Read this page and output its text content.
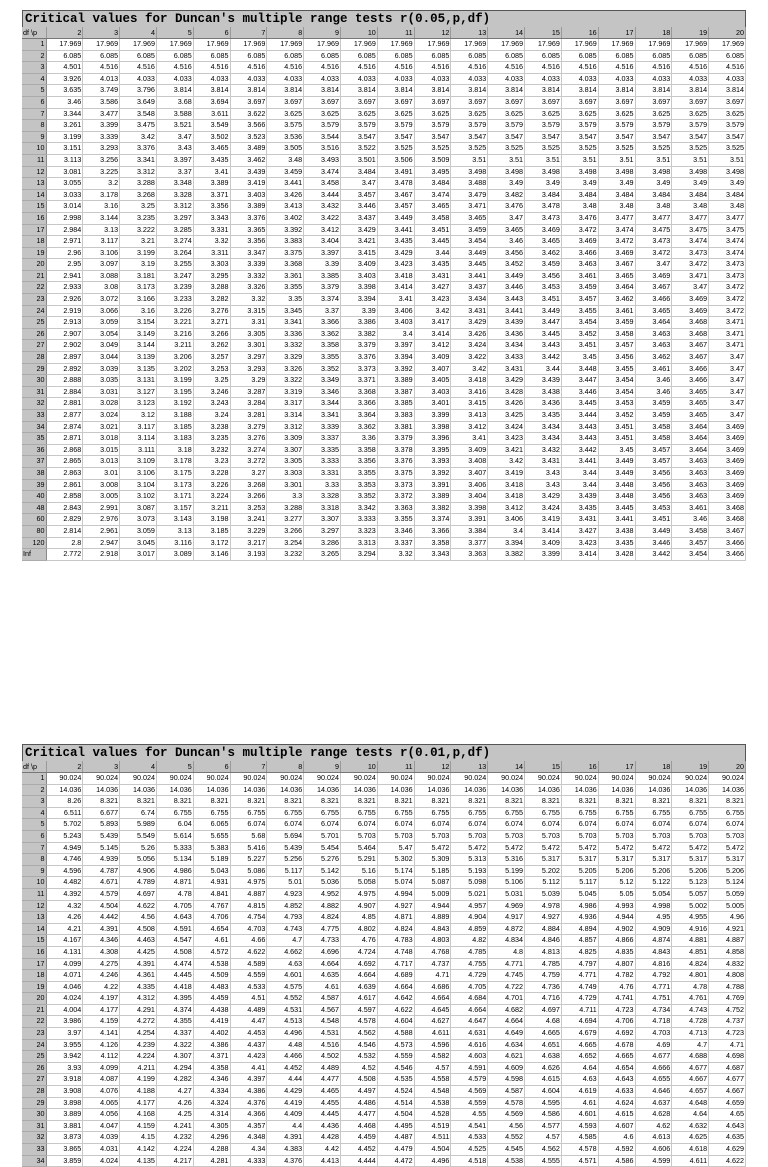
Critical values for Duncan's multiple range tests r(0.05,p,df)
df \p	2	3	4	5	6	7	8	9	10	11	12	13	14	15	16	17	18	19	20
1	17.969	17.969	17.969	17.969	17.969	17.969	17.969	17.969	17.969	17.969	17.969	17.969	17.969	17.969	17.969	17.969	17.969	17.969	17.969
2	6.085	6.085	6.085	6.085	6.085	6.085	6.085	6.085	6.085	6.085	6.085	6.085	6.085	6.085	6.085	6.085	6.085	6.085	6.085
3	4.501	4.516	4.516	4.516	4.516	4.516	4.516	4.516	4.516	4.516	4.516	4.516	4.516	4.516	4.516	4.516	4.516	4.516	4.516
4	3.926	4.013	4.033	4.033	4.033	4.033	4.033	4.033	4.033	4.033	4.033	4.033	4.033	4.033	4.033	4.033	4.033	4.033	4.033
5	3.635	3.749	3.796	3.814	3.814	3.814	3.814	3.814	3.814	3.814	3.814	3.814	3.814	3.814	3.814	3.814	3.814	3.814	3.814
6	3.46	3.586	3.649	3.68	3.694	3.697	3.697	3.697	3.697	3.697	3.697	3.697	3.697	3.697	3.697	3.697	3.697	3.697	3.697
7	3.344	3.477	3.548	3.588	3.611	3.622	3.625	3.625	3.625	3.625	3.625	3.625	3.625	3.625	3.625	3.625	3.625	3.625	3.625
8	3.261	3.399	3.475	3.521	3.549	3.566	3.575	3.579	3.579	3.579	3.579	3.579	3.579	3.579	3.579	3.579	3.579	3.579	3.579
9	3.199	3.339	3.42	3.47	3.502	3.523	3.536	3.544	3.547	3.547	3.547	3.547	3.547	3.547	3.547	3.547	3.547	3.547	3.547
10	3.151	3.293	3.376	3.43	3.465	3.489	3.505	3.516	3.522	3.525	3.525	3.525	3.525	3.525	3.525	3.525	3.525	3.525	3.525
11	3.113	3.256	3.341	3.397	3.435	3.462	3.48	3.493	3.501	3.506	3.509	3.51	3.51	3.51	3.51	3.51	3.51	3.51	3.51
12	3.081	3.225	3.312	3.37	3.41	3.439	3.459	3.474	3.484	3.491	3.495	3.498	3.498	3.498	3.498	3.498	3.498	3.498	3.498
13	3.055	3.2	3.288	3.348	3.389	3.419	3.441	3.458	3.47	3.478	3.484	3.488	3.49	3.49	3.49	3.49	3.49	3.49	3.49
14	3.033	3.178	3.268	3.328	3.371	3.403	3.426	3.444	3.457	3.467	3.474	3.479	3.482	3.484	3.484	3.484	3.484	3.484	3.484
15	3.014	3.16	3.25	3.312	3.356	3.389	3.413	3.432	3.446	3.457	3.465	3.471	3.476	3.478	3.48	3.48	3.48	3.48	3.48
16	2.998	3.144	3.235	3.297	3.343	3.376	3.402	3.422	3.437	3.449	3.458	3.465	3.47	3.473	3.476	3.477	3.477	3.477	3.477
17	2.984	3.13	3.222	3.285	3.331	3.365	3.392	3.412	3.429	3.441	3.451	3.459	3.465	3.469	3.472	3.474	3.475	3.475	3.475
18	2.971	3.117	3.21	3.274	3.32	3.356	3.383	3.404	3.421	3.435	3.445	3.454	3.46	3.465	3.469	3.472	3.473	3.474	3.474
19	2.96	3.106	3.199	3.264	3.311	3.347	3.375	3.397	3.415	3.429	3.44	3.449	3.456	3.462	3.466	3.469	3.472	3.473	3.474
20	2.95	3.097	3.19	3.255	3.303	3.339	3.368	3.39	3.409	3.423	3.435	3.445	3.452	3.459	3.463	3.467	3.47	3.472	3.473
21	2.941	3.088	3.181	3.247	3.295	3.332	3.361	3.385	3.403	3.418	3.431	3.441	3.449	3.456	3.461	3.465	3.469	3.471	3.473
22	2.933	3.08	3.173	3.239	3.288	3.326	3.355	3.379	3.398	3.414	3.427	3.437	3.446	3.453	3.459	3.464	3.467	3.47	3.472
23	2.926	3.072	3.166	3.233	3.282	3.32	3.35	3.374	3.394	3.41	3.423	3.434	3.443	3.451	3.457	3.462	3.466	3.469	3.472
24	2.919	3.066	3.16	3.226	3.276	3.315	3.345	3.37	3.39	3.406	3.42	3.431	3.441	3.449	3.455	3.461	3.465	3.469	3.472
25	2.913	3.059	3.154	3.221	3.271	3.31	3.341	3.366	3.386	3.403	3.417	3.429	3.439	3.447	3.454	3.459	3.464	3.468	3.471
26	2.907	3.054	3.149	3.216	3.266	3.305	3.336	3.362	3.382	3.4	3.414	3.426	3.436	3.445	3.452	3.458	3.463	3.468	3.471
27	2.902	3.049	3.144	3.211	3.262	3.301	3.332	3.358	3.379	3.397	3.412	3.424	3.434	3.443	3.451	3.457	3.463	3.467	3.471
28	2.897	3.044	3.139	3.206	3.257	3.297	3.329	3.355	3.376	3.394	3.409	3.422	3.433	3.442	3.45	3.456	3.462	3.467	3.47
29	2.892	3.039	3.135	3.202	3.253	3.293	3.326	3.352	3.373	3.392	3.407	3.42	3.431	3.44	3.448	3.455	3.461	3.466	3.47
30	2.888	3.035	3.131	3.199	3.25	3.29	3.322	3.349	3.371	3.389	3.405	3.418	3.429	3.439	3.447	3.454	3.46	3.466	3.47
31	2.884	3.031	3.127	3.195	3.246	3.287	3.319	3.346	3.368	3.387	3.403	3.416	3.428	3.438	3.446	3.454	3.46	3.465	3.47
32	2.881	3.028	3.123	3.192	3.243	3.284	3.317	3.344	3.366	3.385	3.401	3.415	3.426	3.436	3.445	3.453	3.459	3.465	3.47
33	2.877	3.024	3.12	3.188	3.24	3.281	3.314	3.341	3.364	3.383	3.399	3.413	3.425	3.435	3.444	3.452	3.459	3.465	3.47
34	2.874	3.021	3.117	3.185	3.238	3.279	3.312	3.339	3.362	3.381	3.398	3.412	3.424	3.434	3.443	3.451	3.458	3.464	3.469
35	2.871	3.018	3.114	3.183	3.235	3.276	3.309	3.337	3.36	3.379	3.396	3.41	3.423	3.434	3.443	3.451	3.458	3.464	3.469
36	2.868	3.015	3.111	3.18	3.232	3.274	3.307	3.335	3.358	3.378	3.395	3.409	3.421	3.432	3.442	3.45	3.457	3.464	3.469
37	2.865	3.013	3.109	3.178	3.23	3.272	3.305	3.333	3.356	3.376	3.393	3.408	3.42	3.431	3.441	3.449	3.457	3.463	3.469
38	2.863	3.01	3.106	3.175	3.228	3.27	3.303	3.331	3.355	3.375	3.392	3.407	3.419	3.43	3.44	3.449	3.456	3.463	3.469
39	2.861	3.008	3.104	3.173	3.226	3.268	3.301	3.33	3.353	3.373	3.391	3.406	3.418	3.43	3.44	3.448	3.456	3.463	3.469
40	2.858	3.005	3.102	3.171	3.224	3.266	3.3	3.328	3.352	3.372	3.389	3.404	3.418	3.429	3.439	3.448	3.456	3.463	3.469
48	2.843	2.991	3.087	3.157	3.211	3.253	3.288	3.318	3.342	3.363	3.382	3.398	3.412	3.424	3.435	3.445	3.453	3.461	3.468
60	2.829	2.976	3.073	3.143	3.198	3.241	3.277	3.307	3.333	3.355	3.374	3.391	3.406	3.419	3.431	3.441	3.451	3.46	3.468
80	2.814	2.961	3.059	3.13	3.185	3.229	3.266	3.297	3.323	3.346	3.366	3.384	3.4	3.414	3.427	3.438	3.449	3.458	3.467
120	2.8	2.947	3.045	3.116	3.172	3.217	3.254	3.286	3.313	3.337	3.358	3.377	3.394	3.409	3.423	3.435	3.446	3.457	3.466
Inf	2.772	2.918	3.017	3.089	3.146	3.193	3.232	3.265	3.294	3.32	3.343	3.363	3.382	3.399	3.414	3.428	3.442	3.454	3.466
Critical values for Duncan's multiple range tests r(0.01,p,df)
df \p	2	3	4	5	6	7	8	9	10	11	12	13	14	15	16	17	18	19	20
1	90.024	90.024	90.024	90.024	90.024	90.024	90.024	90.024	90.024	90.024	90.024	90.024	90.024	90.024	90.024	90.024	90.024	90.024	90.024
2	14.036	14.036	14.036	14.036	14.036	14.036	14.036	14.036	14.036	14.036	14.036	14.036	14.036	14.036	14.036	14.036	14.036	14.036	14.036
3	8.26	8.321	8.321	8.321	8.321	8.321	8.321	8.321	8.321	8.321	8.321	8.321	8.321	8.321	8.321	8.321	8.321	8.321	8.321
4	6.511	6.677	6.74	6.755	6.755	6.755	6.755	6.755	6.755	6.755	6.755	6.755	6.755	6.755	6.755	6.755	6.755	6.755	6.755
5	5.702	5.893	5.989	6.04	6.065	6.074	6.074	6.074	6.074	6.074	6.074	6.074	6.074	6.074	6.074	6.074	6.074	6.074	6.074
6	5.243	5.439	5.549	5.614	5.655	5.68	5.694	5.701	5.703	5.703	5.703	5.703	5.703	5.703	5.703	5.703	5.703	5.703	5.703
7	4.949	5.145	5.26	5.333	5.383	5.416	5.439	5.454	5.464	5.47	5.472	5.472	5.472	5.472	5.472	5.472	5.472	5.472	5.472
8	4.746	4.939	5.056	5.134	5.189	5.227	5.256	5.276	5.291	5.302	5.309	5.313	5.316	5.317	5.317	5.317	5.317	5.317	5.317
9	4.596	4.787	4.906	4.986	5.043	5.086	5.117	5.142	5.16	5.174	5.185	5.193	5.199	5.202	5.205	5.206	5.206	5.206	5.206
10	4.482	4.671	4.789	4.871	4.931	4.975	5.01	5.036	5.058	5.074	5.087	5.098	5.106	5.112	5.117	5.12	5.122	5.123	5.124
11	4.392	4.579	4.697	4.78	4.841	4.887	4.923	4.952	4.975	4.994	5.009	5.021	5.031	5.039	5.045	5.05	5.054	5.057	5.059
12	4.32	4.504	4.622	4.705	4.767	4.815	4.852	4.882	4.907	4.927	4.944	4.957	4.969	4.978	4.986	4.993	4.998	5.002	5.005
13	4.26	4.442	4.56	4.643	4.706	4.754	4.793	4.824	4.85	4.871	4.889	4.904	4.917	4.927	4.936	4.944	4.95	4.955	4.96
14	4.21	4.391	4.508	4.591	4.654	4.703	4.743	4.775	4.802	4.824	4.843	4.859	4.872	4.884	4.894	4.902	4.909	4.916	4.921
15	4.167	4.346	4.463	4.547	4.61	4.66	4.7	4.733	4.76	4.783	4.803	4.82	4.834	4.846	4.857	4.866	4.874	4.881	4.887
16	4.131	4.308	4.425	4.508	4.572	4.622	4.662	4.696	4.724	4.748	4.768	4.785	4.8	4.813	4.825	4.835	4.843	4.851	4.858
17	4.099	4.275	4.391	4.474	4.538	4.589	4.63	4.664	4.692	4.717	4.737	4.755	4.771	4.785	4.797	4.807	4.816	4.824	4.832
18	4.071	4.246	4.361	4.445	4.509	4.559	4.601	4.635	4.664	4.689	4.71	4.729	4.745	4.759	4.771	4.782	4.792	4.801	4.808
19	4.046	4.22	4.335	4.418	4.483	4.533	4.575	4.61	4.639	4.664	4.686	4.705	4.722	4.736	4.749	4.76	4.771	4.78	4.788
20	4.024	4.197	4.312	4.395	4.459	4.51	4.552	4.587	4.617	4.642	4.664	4.684	4.701	4.716	4.729	4.741	4.751	4.761	4.769
21	4.004	4.177	4.291	4.374	4.438	4.489	4.531	4.567	4.597	4.622	4.645	4.664	4.682	4.697	4.711	4.723	4.734	4.743	4.752
22	3.986	4.159	4.272	4.355	4.419	4.47	4.513	4.548	4.578	4.604	4.627	4.647	4.664	4.68	4.694	4.706	4.718	4.728	4.737
23	3.97	4.141	4.254	4.337	4.402	4.453	4.496	4.531	4.562	4.588	4.611	4.631	4.649	4.665	4.679	4.692	4.703	4.713	4.723
24	3.955	4.126	4.239	4.322	4.386	4.437	4.48	4.516	4.546	4.573	4.596	4.616	4.634	4.651	4.665	4.678	4.69	4.7	4.71
25	3.942	4.112	4.224	4.307	4.371	4.423	4.466	4.502	4.532	4.559	4.582	4.603	4.621	4.638	4.652	4.665	4.677	4.688	4.698
26	3.93	4.099	4.211	4.294	4.358	4.41	4.452	4.489	4.52	4.546	4.57	4.591	4.609	4.626	4.64	4.654	4.666	4.677	4.687
27	3.918	4.087	4.199	4.282	4.346	4.397	4.44	4.477	4.508	4.535	4.558	4.579	4.598	4.615	4.63	4.643	4.655	4.667	4.677
28	3.908	4.076	4.188	4.27	4.334	4.386	4.429	4.465	4.497	4.524	4.548	4.569	4.587	4.604	4.619	4.633	4.646	4.657	4.667
29	3.898	4.065	4.177	4.26	4.324	4.376	4.419	4.455	4.486	4.514	4.538	4.559	4.578	4.595	4.61	4.624	4.637	4.648	4.659
30	3.889	4.056	4.168	4.25	4.314	4.366	4.409	4.445	4.477	4.504	4.528	4.55	4.569	4.586	4.601	4.615	4.628	4.64	4.65
31	3.881	4.047	4.159	4.241	4.305	4.357	4.4	4.436	4.468	4.495	4.519	4.541	4.56	4.577	4.593	4.607	4.62	4.632	4.643
32	3.873	4.039	4.15	4.232	4.296	4.348	4.391	4.428	4.459	4.487	4.511	4.533	4.552	4.57	4.585	4.6	4.613	4.625	4.635
33	3.865	4.031	4.142	4.224	4.288	4.34	4.383	4.42	4.452	4.479	4.504	4.525	4.545	4.562	4.578	4.592	4.606	4.618	4.629
34	3.859	4.024	4.135	4.217	4.281	4.333	4.376	4.413	4.444	4.472	4.496	4.518	4.538	4.555	4.571	4.586	4.599	4.611	4.622
